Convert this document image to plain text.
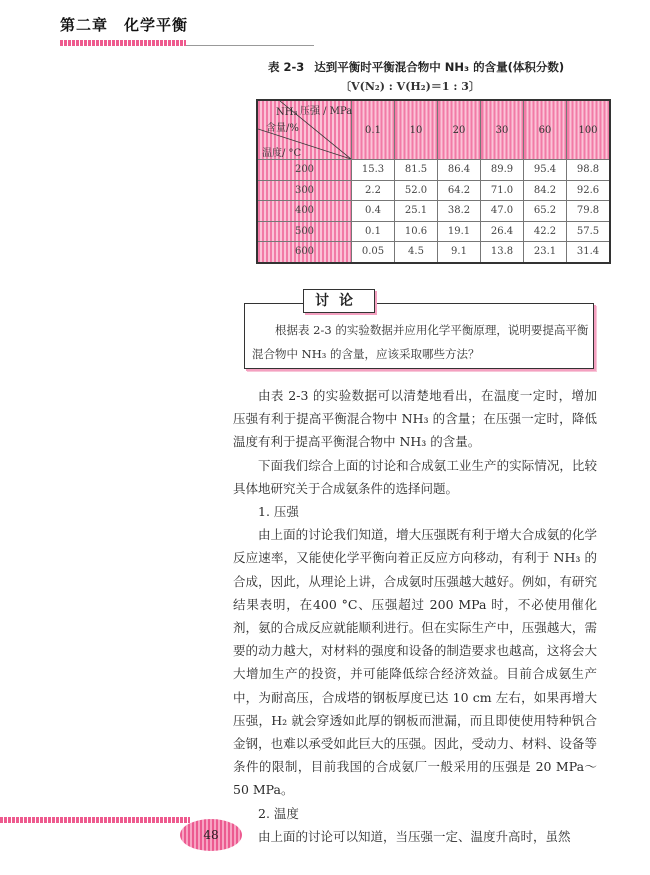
第二章 化学平衡
表 2-3 达到平衡时平衡混合物中 NH₃ 的含量(体积分数)
〔V(N₂) : V(H₂)＝1 : 3〕
压强 / MPa
NH₃
含量/%
温度/ °C	0.1	10	20	30	60	100
200	15.3	81.5	86.4	89.9	95.4	98.8
300	2.2	52.0	64.2	71.0	84.2	92.6
400	0.4	25.1	38.2	47.0	65.2	79.8
500	0.1	10.6	19.1	26.4	42.2	57.5
600	0.05	4.5	9.1	13.8	23.1	31.4
讨论
根据表 2-3 的实验数据并应用化学平衡原理，说明要提高平衡混合物中 NH₃ 的含量，应该采取哪些方法？

由表 2-3 的实验数据可以清楚地看出，在温度一定时，增加压强有利于提高平衡混合物中 NH₃ 的含量；在压强一定时，降低温度有利于提高平衡混合物中 NH₃ 的含量。

下面我们综合上面的讨论和合成氨工业生产的实际情况，比较具体地研究关于合成氨条件的选择问题。

1. 压强

由上面的讨论我们知道，增大压强既有利于增大合成氨的化学反应速率，又能使化学平衡向着正反应方向移动，有利于 NH₃ 的合成，因此，从理论上讲，合成氨时压强越大越好。例如，有研究结果表明，在400 °C、压强超过 200 MPa 时，不必使用催化剂，氨的合成反应就能顺利进行。但在实际生产中，压强越大，需要的动力越大，对材料的强度和设备的制造要求也越高，这将会大大增加生产的投资，并可能降低综合经济效益。目前合成氨生产中，为耐高压，合成塔的钢板厚度已达 10 cm 左右，如果再增大压强，H₂ 就会穿透如此厚的钢板而泄漏，而且即使使用特种钒合金钢，也难以承受如此巨大的压强。因此，受动力、材料、设备等条件的限制，目前我国的合成氨厂一般采用的压强是 20 MPa～50 MPa。

2. 温度

由上面的讨论可以知道，当压强一定、温度升高时，虽然

48
